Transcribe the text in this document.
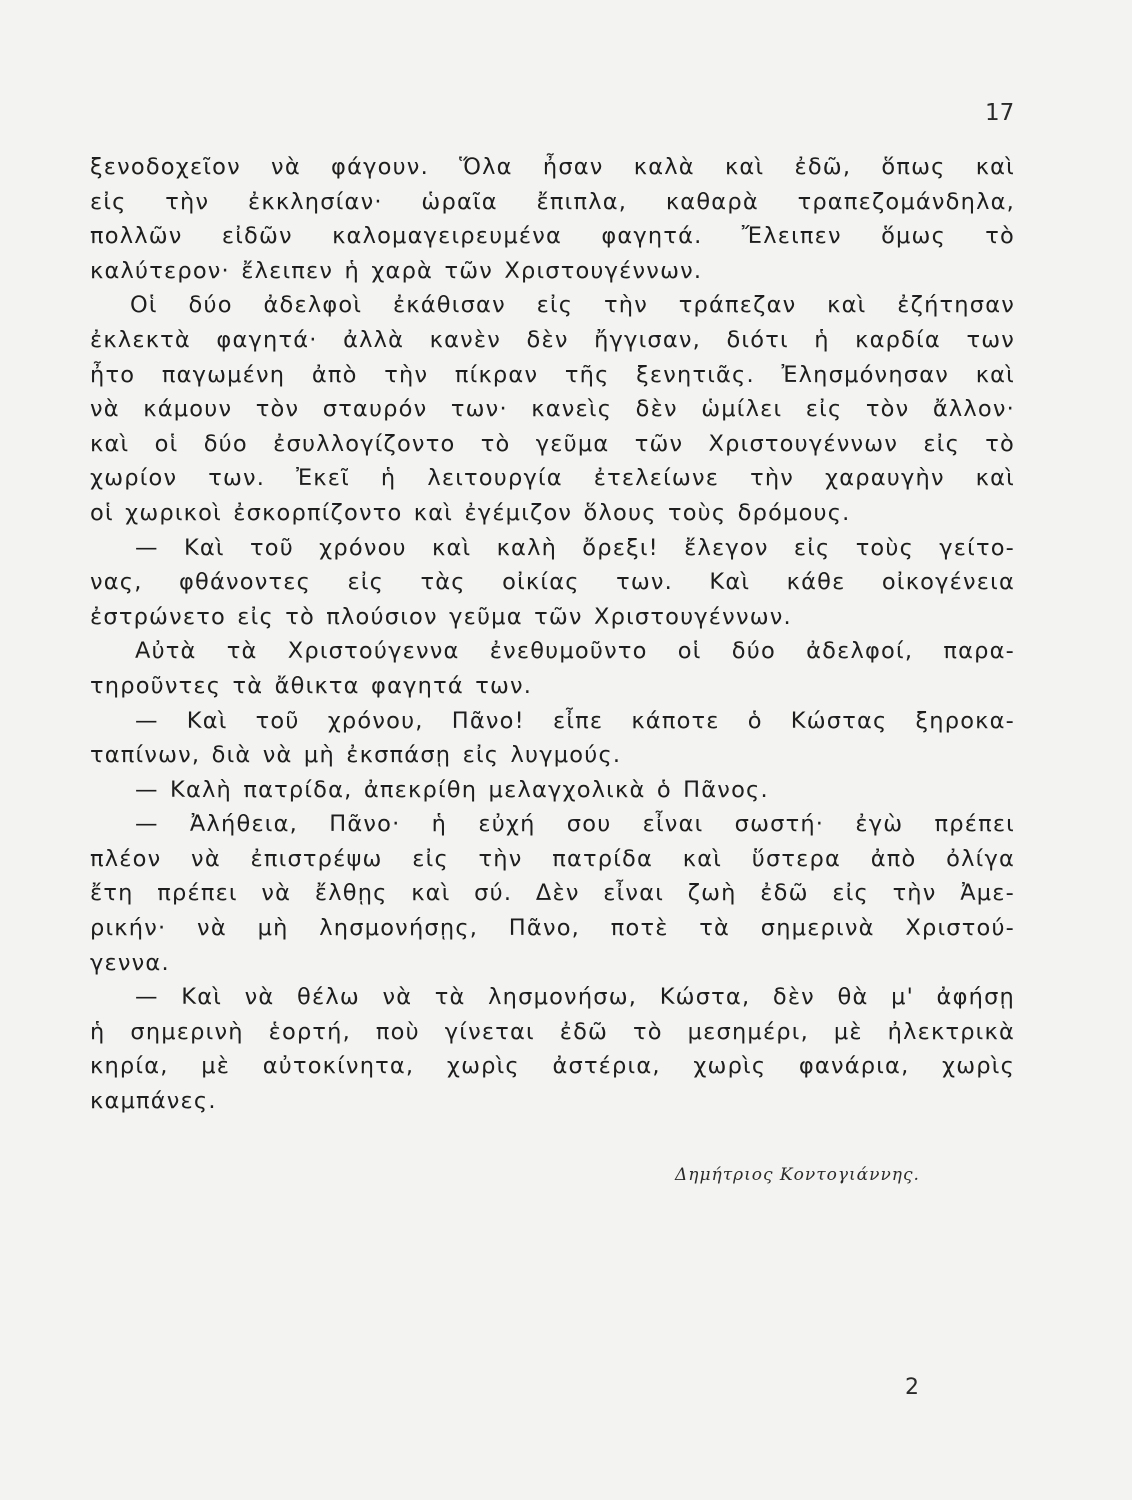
17
ξενοδοχεῖον νὰ φάγουν. Ὅλα ἦσαν καλὰ καὶ ἐδῶ, ὅπως καὶ
εἰς τὴν ἐκκλησίαν· ὡραῖα ἔπιπλα, καθαρὰ τραπεζομάνδηλα,
πολλῶν εἰδῶν καλομαγειρευμένα φαγητά. Ἔλειπεν ὅμως τὸ
καλύτερον· ἔλειπεν ἡ χαρὰ τῶν Χριστουγέννων.
Οἱ δύο ἀδελφοὶ ἐκάθισαν εἰς τὴν τράπεζαν καὶ ἐζήτησαν
ἐκλεκτὰ φαγητά· ἀλλὰ κανὲν δὲν ἤγγισαν, διότι ἡ καρδία των
ἦτο παγωμένη ἀπὸ τὴν πίκραν τῆς ξενητιᾶς. Ἐλησμόνησαν καὶ
νὰ κάμουν τὸν σταυρόν των· κανεὶς δὲν ὡμίλει εἰς τὸν ἄλλον·
καὶ οἱ δύο ἐσυλλογίζοντο τὸ γεῦμα τῶν Χριστουγέννων εἰς τὸ
χωρίον των. Ἐκεῖ ἡ λειτουργία ἐτελείωνε τὴν χαραυγὴν καὶ
οἱ χωρικοὶ ἐσκορπίζοντο καὶ ἐγέμιζον ὅλους τοὺς δρόμους.
— Καὶ τοῦ χρόνου καὶ καλὴ ὄρεξι! ἔλεγον εἰς τοὺς γείτο-
νας, φθάνοντες εἰς τὰς οἰκίας των. Καὶ κάθε οἰκογένεια
ἐστρώνετο εἰς τὸ πλούσιον γεῦμα τῶν Χριστουγέννων.
Αὐτὰ τὰ Χριστούγεννα ἐνεθυμοῦντο οἱ δύο ἀδελφοί, παρα-
τηροῦντες τὰ ἄθικτα φαγητά των.
— Καὶ τοῦ χρόνου, Πᾶνο! εἶπε κάποτε ὁ Κώστας ξηροκα-
ταπίνων, διὰ νὰ μὴ ἐκσπάσῃ εἰς λυγμούς.
— Καλὴ πατρίδα, ἀπεκρίθη μελαγχολικὰ ὁ Πᾶνος.
— Ἀλήθεια, Πᾶνο· ἡ εὐχή σου εἶναι σωστή· ἐγὼ πρέπει
πλέον νὰ ἐπιστρέψω εἰς τὴν πατρίδα καὶ ὕστερα ἀπὸ ὀλίγα
ἔτη πρέπει νὰ ἔλθῃς καὶ σύ. Δὲν εἶναι ζωὴ ἐδῶ εἰς τὴν Ἀμε-
ρικήν· νὰ μὴ λησμονήσῃς, Πᾶνο, ποτὲ τὰ σημερινὰ Χριστού-
γεννα.
— Καὶ νὰ θέλω νὰ τὰ λησμονήσω, Κώστα, δὲν θὰ μ' ἀφήσῃ
ἡ σημερινὴ ἑορτή, ποὺ γίνεται ἐδῶ τὸ μεσημέρι, μὲ ἠλεκτρικὰ
κηρία, μὲ αὐτοκίνητα, χωρὶς ἀστέρια, χωρὶς φανάρια, χωρὶς
καμπάνες.
Δημήτριος Κοντογιάννης.
2
